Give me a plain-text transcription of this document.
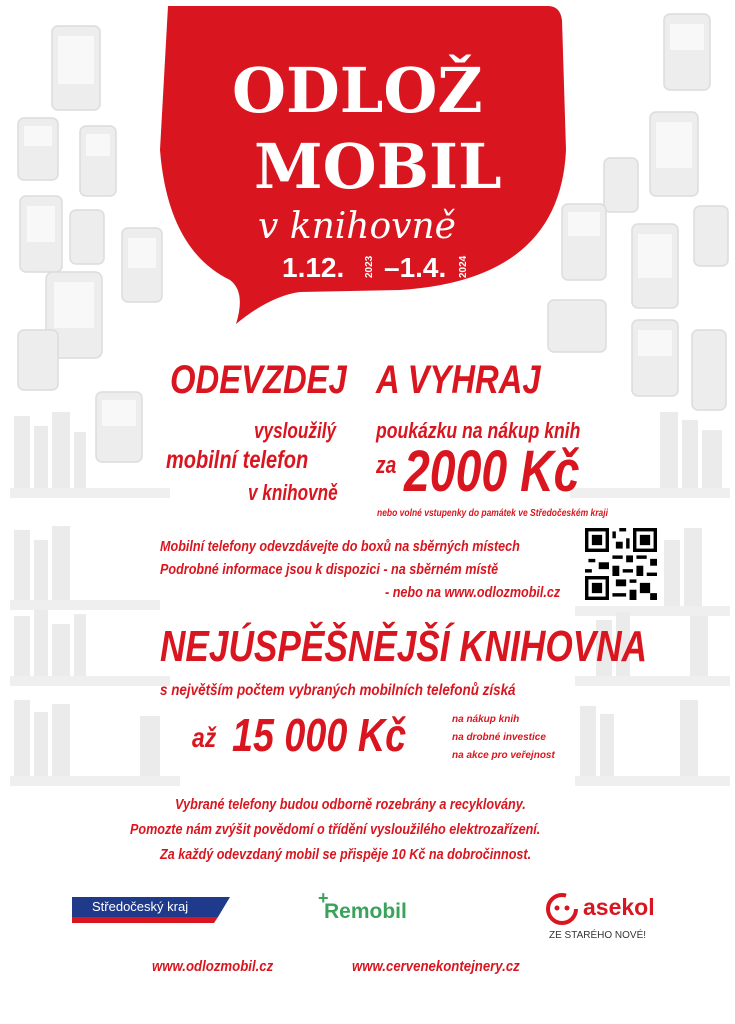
ODLOŽ
MOBIL
v knihovně
1.12. 2023 –1.4. 2024
ODEVZDEJ
vysloužilý
mobilní telefon
v knihovně
A VYHRAJ
poukázku na nákup knih
za 2000 Kč
nebo volné vstupenky do památek ve Středočeském kraji
Mobilní telefony odevzdávejte do boxů na sběrných místech
Podrobné informace jsou k dispozici - na sběrném místě
- nebo na www.odlozmobil.cz
NEJÚSPĚŠNĚJŠÍ KNIHOVNA
s největším počtem vybraných mobilních telefonů získá
až 15 000 Kč	na nákup knih
na drobné investice
na akce pro veřejnost
Vybrané telefony budou odborně rozebrány a recyklovány.
Pomozte nám zvýšit povědomí o třídění vysloužilého elektrozařízení.
Za každý odevzdaný mobil se přispěje 10 Kč na dobročinnost.
Středočeský kraj	+
Remobil	asekol
ZE STARÉHO NOVÉ!
www.odlozmobil.cz	www.cervenekontejnery.cz
